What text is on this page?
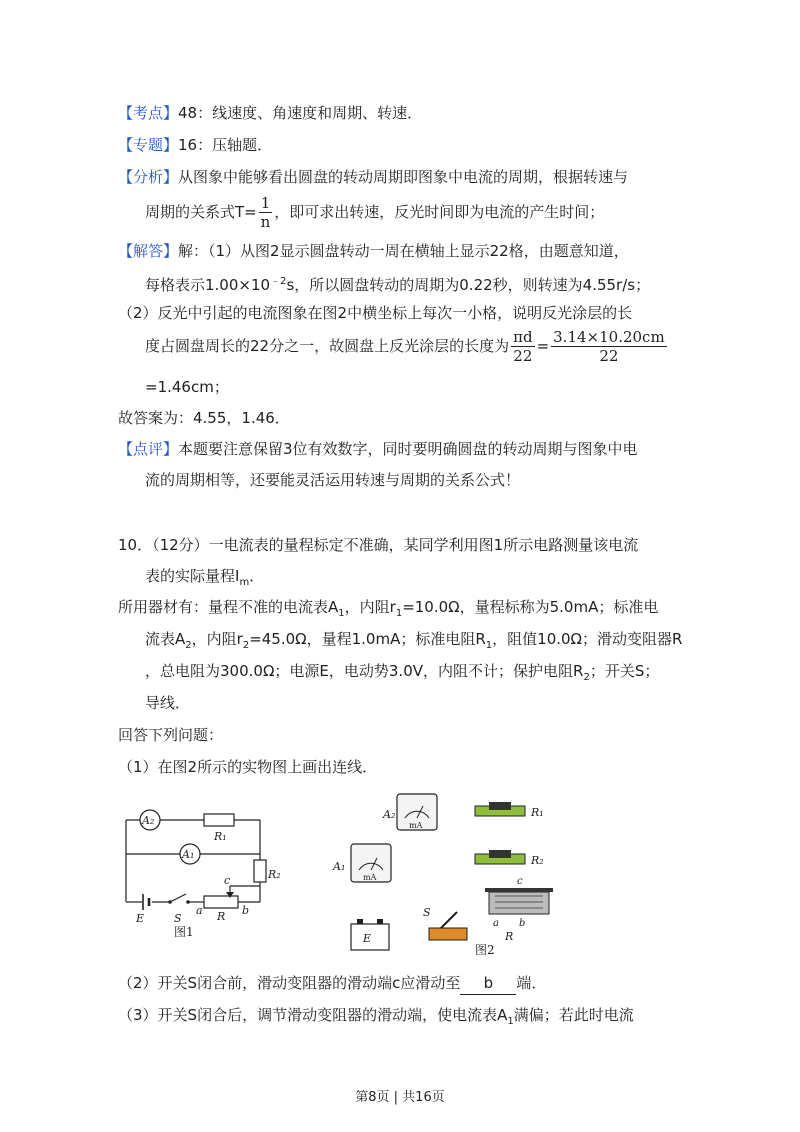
【考点】48：线速度、角速度和周期、转速．
【专题】16：压轴题．
【分析】从图象中能够看出圆盘的转动周期即图象中电流的周期，根据转速与
周期的关系式$T= \frac{1}{n}$ ，即可求出转速，反光时间即为电流的产生时间；
【解答】解：（1）从图2显示圆盘转动一周在横轴上显示22格，由题意知道，
每格表示$1.00\times 10^{﹣2}s$，所以圆盘转动的周期为0.22秒，则转速为4.55r/s；
（2）反光中引起的电流图象在图2中横坐标上每次一小格，说明反光涂层的长
度占圆盘周长的22分之一，故圆盘上反光涂层的长度为 $\frac{\pi d}{22} = \frac{3.14\times 10.20cm}{22}$
=1.46cm；
故答案为：4.55，1.46．
【点评】本题要注意保留3位有效数字，同时要明确圆盘的转动周期与图象中电
流的周期相等，还要能灵活运用转速与周期的关系公式！
10．（12分）一电流表的量程标定不准确，某同学利用图1所示电路测量该电流
表的实际量程$I_m$．
所用器材有：量程不准的电流表$A_1$，内阻$r_1=10.0\Omega$，量程标称为5.0mA；标准电
流表$A_2$，内阻$r_2=45.0\Omega$，量程1.0mA；标准电阻$R_1$，阻值10.0Ω；滑动变阻器R
，总电阻为300.0Ω；电源E，电动势3.0V，内阻不计；保护电阻$R_2$；开关S；
导线．
回答下列问题：
（1）在图2所示的实物图上画出连线．
A₂
A₁
R₁
R₂
E	S
a R b
c
图1
mA
A₂
mA
A₁
R₁
R₂
c
a b
R
E
S
图2
（2）开关S闭合前，滑动变阻器的滑动端c应滑动至 b 端．
（3）开关S闭合后，调节滑动变阻器的滑动端，使电流表$A_1$满偏；若此时电流
第8页 | 共16页
